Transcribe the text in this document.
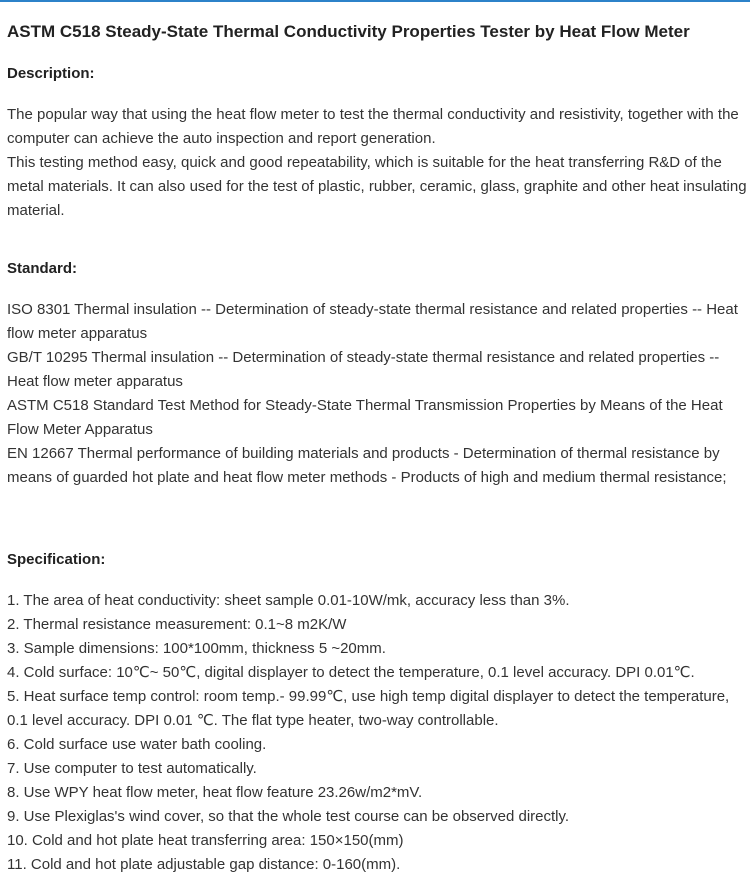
ASTM C518 Steady-State Thermal Conductivity Properties Tester by Heat Flow Meter
Description:

The popular way that using the heat flow meter to test the thermal conductivity and resistivity, together with the computer can achieve the auto inspection and report generation.

This testing method easy, quick and good repeatability, which is suitable for the heat transferring R&D of the metal materials. It can also used for the test of plastic, rubber, ceramic, glass, graphite and other heat insulating material.

Standard:

ISO 8301 Thermal insulation -- Determination of steady-state thermal resistance and related properties -- Heat flow meter apparatus

GB/T 10295 Thermal insulation -- Determination of steady-state thermal resistance and related properties -- Heat flow meter apparatus

ASTM C518 Standard Test Method for Steady-State Thermal Transmission Properties by Means of the Heat Flow Meter Apparatus

EN 12667 Thermal performance of building materials and products - Determination of thermal resistance by means of guarded hot plate and heat flow meter methods - Products of high and medium thermal resistance;

Specification:
1. The area of heat conductivity: sheet sample 0.01-10W/mk, accuracy less than 3%.
2. Thermal resistance measurement: 0.1~8 m2K/W
3. Sample dimensions: 100*100mm, thickness 5 ~20mm.
4. Cold surface: 10℃~ 50℃, digital displayer to detect the temperature, 0.1 level accuracy. DPI 0.01℃.
5. Heat surface temp control: room temp.- 99.99℃, use high temp digital displayer to detect the temperature, 0.1 level accuracy. DPI 0.01 ℃. The flat type heater, two-way controllable.
6. Cold surface use water bath cooling.
7. Use computer to test automatically.
8. Use WPY heat flow meter, heat flow feature 23.26w/m2*mV.
9. Use Plexiglas's wind cover, so that the whole test course can be observed directly.
10. Cold and hot plate heat transferring area: 150×150(mm)
11. Cold and hot plate adjustable gap distance: 0-160(mm).
